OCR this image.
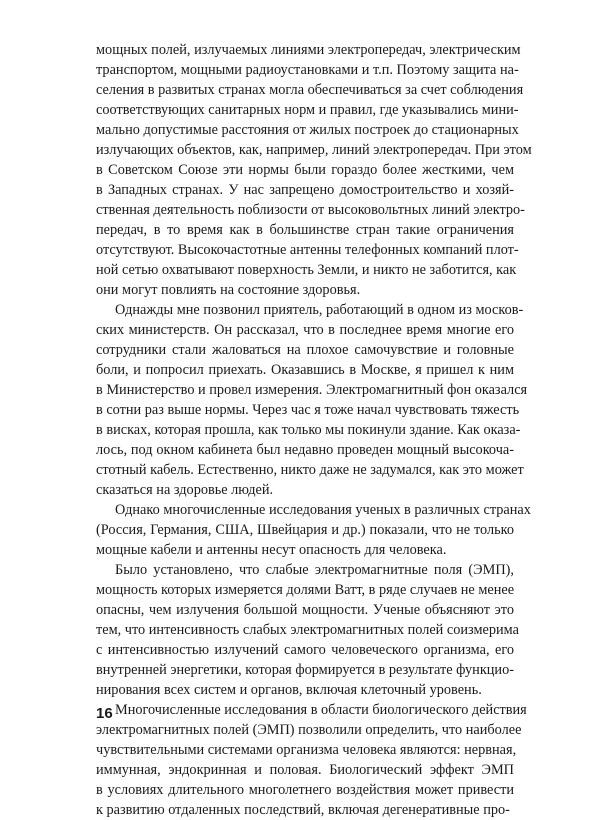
мощных полей, излучаемых линиями электропередач, электрическим
транспортом, мощными радиоустановками и т.п. Поэтому защита на-
селения в развитых странах могла обеспечиваться за счет соблюдения
соответствующих санитарных норм и правил, где указывались мини-
мально допустимые расстояния от жилых построек до стационарных
излучающих объектов, как, например, линий электропередач. При этом
в Советском Союзе эти нормы были гораздо более жесткими, чем
в Западных странах. У нас запрещено домостроительство и хозяй-
ственная деятельность поблизости от высоковольтных линий электро-
передач, в то время как в большинстве стран такие ограничения
отсутствуют. Высокочастотные антенны телефонных компаний плот-
ной сетью охватывают поверхность Земли, и никто не заботится, как
они могут повлиять на состояние здоровья.
Однажды мне позвонил приятель, работающий в одном из москов-
ских министерств. Он рассказал, что в последнее время многие его
сотрудники стали жаловаться на плохое самочувствие и головные
боли, и попросил приехать. Оказавшись в Москве, я пришел к ним
в Министерство и провел измерения. Электромагнитный фон оказался
в сотни раз выше нормы. Через час я тоже начал чувствовать тяжесть
в висках, которая прошла, как только мы покинули здание. Как оказа-
лось, под окном кабинета был недавно проведен мощный высокоча-
стотный кабель. Естественно, никто даже не задумался, как это может
сказаться на здоровье людей.
Однако многочисленные исследования ученых в различных странах
(Россия, Германия, США, Швейцария и др.) показали, что не только
мощные кабели и антенны несут опасность для человека.
Было установлено, что слабые электромагнитные поля (ЭМП),
мощность которых измеряется долями Ватт, в ряде случаев не менее
опасны, чем излучения большой мощности. Ученые объясняют это
тем, что интенсивность слабых электромагнитных полей соизмерима
с интенсивностью излучений самого человеческого организма, его
внутренней энергетики, которая формируется в результате функцио-
нирования всех систем и органов, включая клеточный уровень.
Многочисленные исследования в области биологического действия
электромагнитных полей (ЭМП) позволили определить, что наиболее
чувствительными системами организма человека являются: нервная,
иммунная, эндокринная и половая. Биологический эффект ЭМП
в условиях длительного многолетнего воздействия может привести
к развитию отдаленных последствий, включая дегенеративные про-
16
